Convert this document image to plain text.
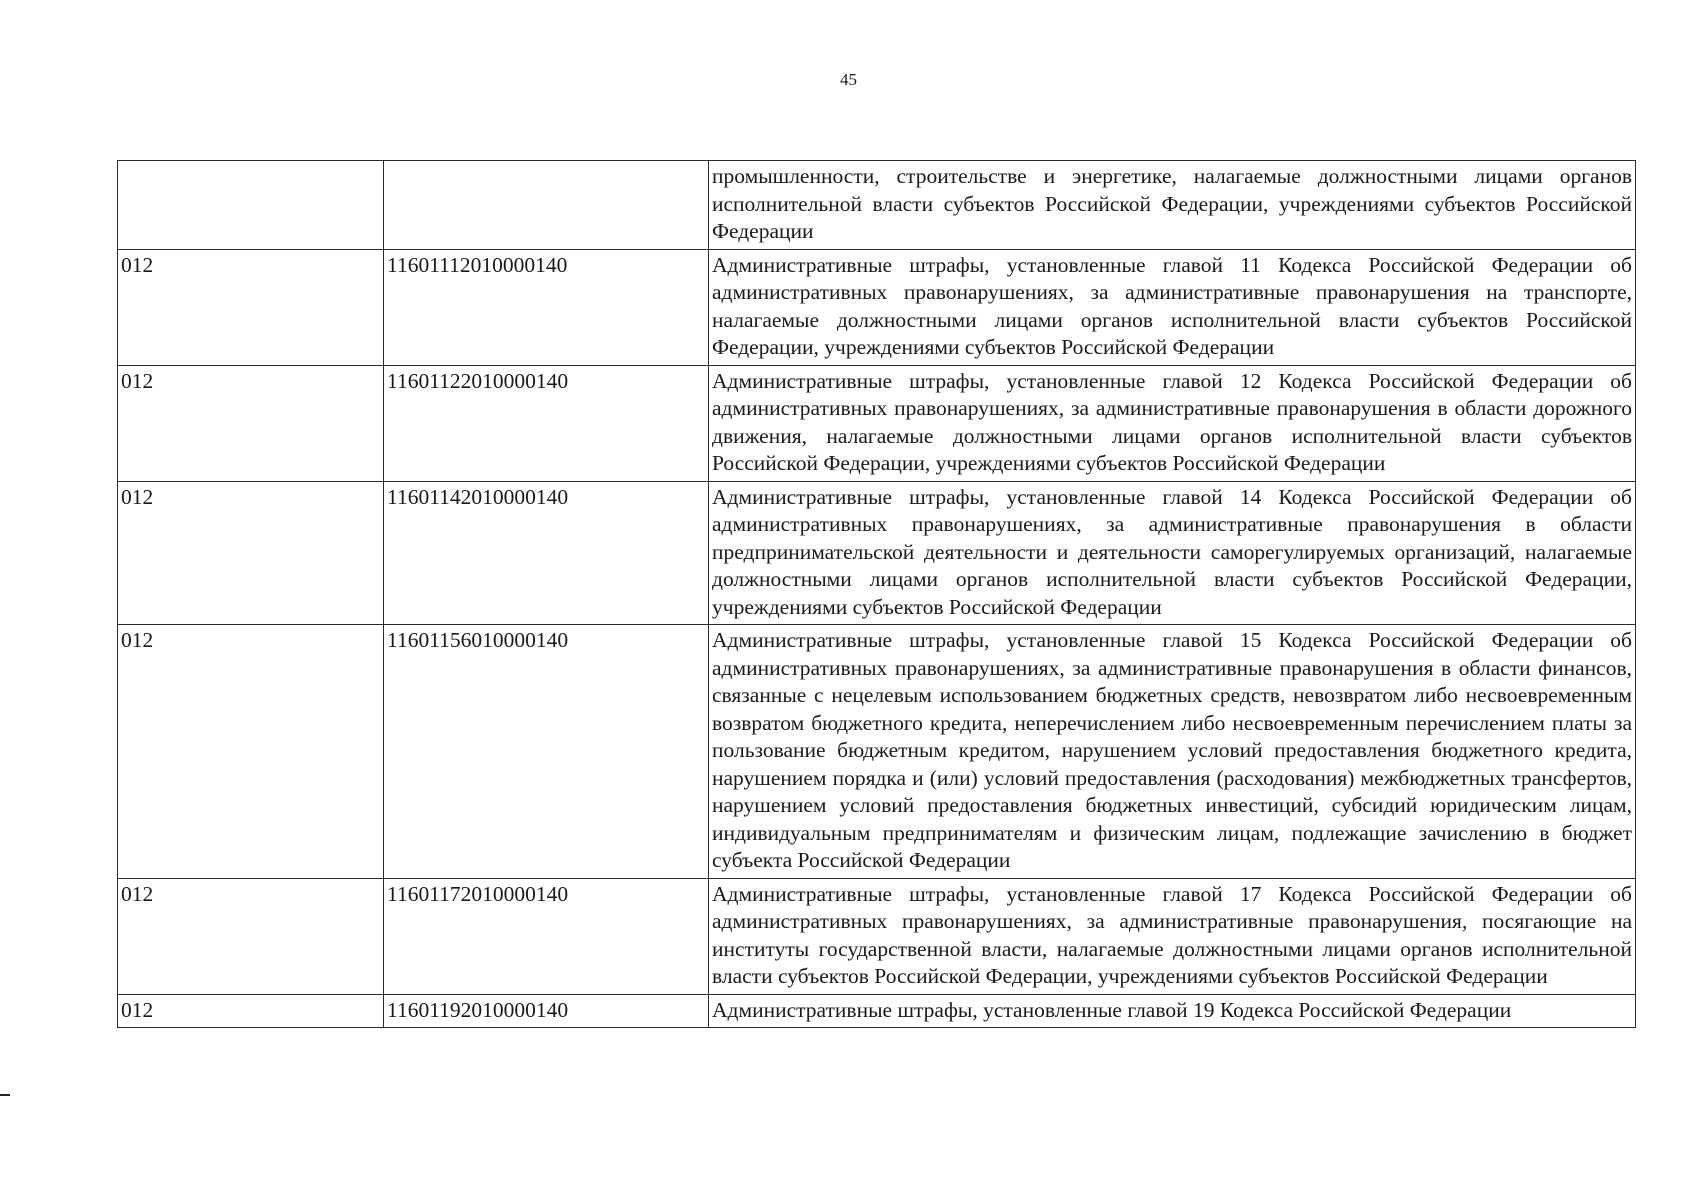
45
		промышленности, строительстве и энергетике, налагаемые должностными лицами органов исполнительной власти субъектов Российской Федерации, учреждениями субъектов Российской Федерации
012	11601112010000140	Административные штрафы, установленные главой 11 Кодекса Российской Федерации об административных правонарушениях, за административные правонарушения на транспорте, налагаемые должностными лицами органов исполнительной власти субъектов Российской Федерации, учреждениями субъектов Российской Федерации
012	11601122010000140	Административные штрафы, установленные главой 12 Кодекса Российской Федерации об административных правонарушениях, за административные правонарушения в области дорожного движения, налагаемые должностными лицами органов исполнительной власти субъектов Российской Федерации, учреждениями субъектов Российской Федерации
012	11601142010000140	Административные штрафы, установленные главой 14 Кодекса Российской Федерации об административных правонарушениях, за административные правонарушения в области предпринимательской деятельности и деятельности саморегулируемых организаций, налагаемые должностными лицами органов исполнительной власти субъектов Российской Федерации, учреждениями субъектов Российской Федерации
012	11601156010000140	Административные штрафы, установленные главой 15 Кодекса Российской Федерации об административных правонарушениях, за административные правонарушения в области финансов, связанные с нецелевым использованием бюджетных средств, невозвратом либо несвоевременным возвратом бюджетного кредита, неперечислением либо несвоевременным перечислением платы за пользование бюджетным кредитом, нарушением условий предоставления бюджетного кредита, нарушением порядка и (или) условий предоставления (расходования) межбюджетных трансфертов, нарушением условий предоставления бюджетных инвестиций, субсидий юридическим лицам, индивидуальным предпринимателям и физическим лицам, подлежащие зачислению в бюджет субъекта Российской Федерации
012	11601172010000140	Административные штрафы, установленные главой 17 Кодекса Российской Федерации об административных правонарушениях, за административные правонарушения, посягающие на институты государственной власти, налагаемые должностными лицами органов исполнительной власти субъектов Российской Федерации, учреждениями субъектов Российской Федерации
012	11601192010000140	Административные штрафы, установленные главой 19 Кодекса Российской Федерации
